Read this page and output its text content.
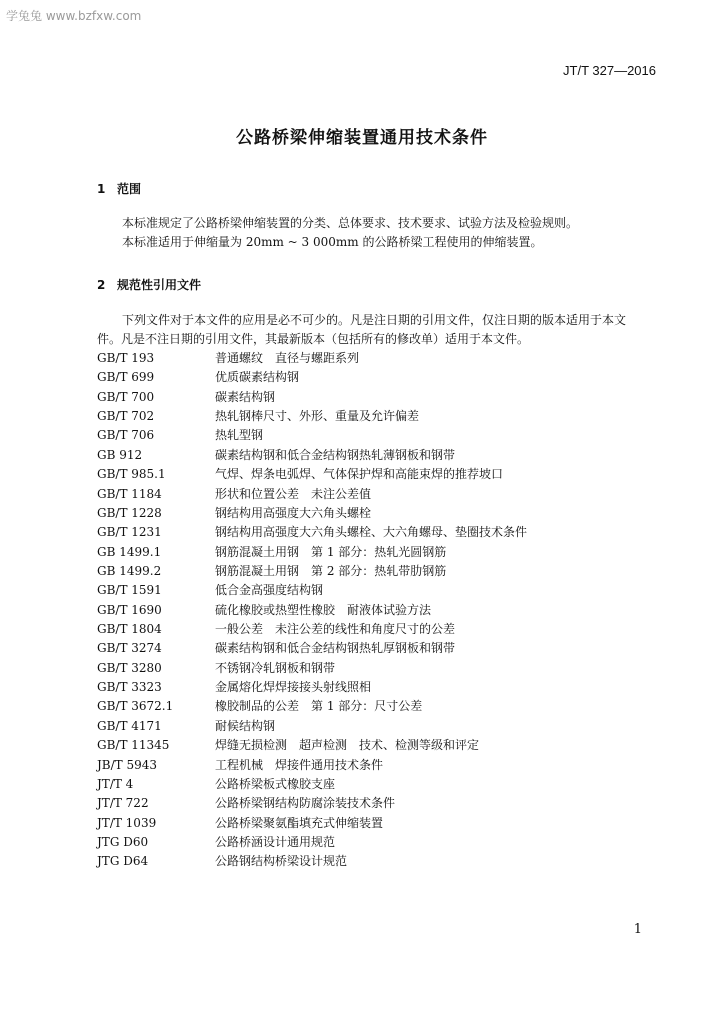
学兔兔 www.bzfxw.com
JT/T 327—2016
公路桥梁伸缩装置通用技术条件
1 范围
本标准规定了公路桥梁伸缩装置的分类、总体要求、技术要求、试验方法及检验规则。
本标准适用于伸缩量为 20mm ~ 3 000mm 的公路桥梁工程使用的伸缩装置。
2 规范性引用文件
下列文件对于本文件的应用是必不可少的。凡是注日期的引用文件，仅注日期的版本适用于本文
件。凡是不注日期的引用文件，其最新版本（包括所有的修改单）适用于本文件。
GB/T 193	普通螺纹　直径与螺距系列
GB/T 699	优质碳素结构钢
GB/T 700	碳素结构钢
GB/T 702	热轧钢棒尺寸、外形、重量及允许偏差
GB/T 706	热轧型钢
GB 912	碳素结构钢和低合金结构钢热轧薄钢板和钢带
GB/T 985.1	气焊、焊条电弧焊、气体保护焊和高能束焊的推荐坡口
GB/T 1184	形状和位置公差　未注公差值
GB/T 1228	钢结构用高强度大六角头螺栓
GB/T 1231	钢结构用高强度大六角头螺栓、大六角螺母、垫圈技术条件
GB 1499.1	钢筋混凝土用钢　第 1 部分：热轧光圆钢筋
GB 1499.2	钢筋混凝土用钢　第 2 部分：热轧带肋钢筋
GB/T 1591	低合金高强度结构钢
GB/T 1690	硫化橡胶或热塑性橡胶　耐液体试验方法
GB/T 1804	一般公差　未注公差的线性和角度尺寸的公差
GB/T 3274	碳素结构钢和低合金结构钢热轧厚钢板和钢带
GB/T 3280	不锈钢冷轧钢板和钢带
GB/T 3323	金属熔化焊焊接接头射线照相
GB/T 3672.1	橡胶制品的公差　第 1 部分：尺寸公差
GB/T 4171	耐候结构钢
GB/T 11345	焊缝无损检测　超声检测　技术、检测等级和评定
JB/T 5943	工程机械　焊接件通用技术条件
JT/T 4	公路桥梁板式橡胶支座
JT/T 722	公路桥梁钢结构防腐涂装技术条件
JT/T 1039	公路桥梁聚氨酯填充式伸缩装置
JTG D60	公路桥涵设计通用规范
JTG D64	公路钢结构桥梁设计规范
1
